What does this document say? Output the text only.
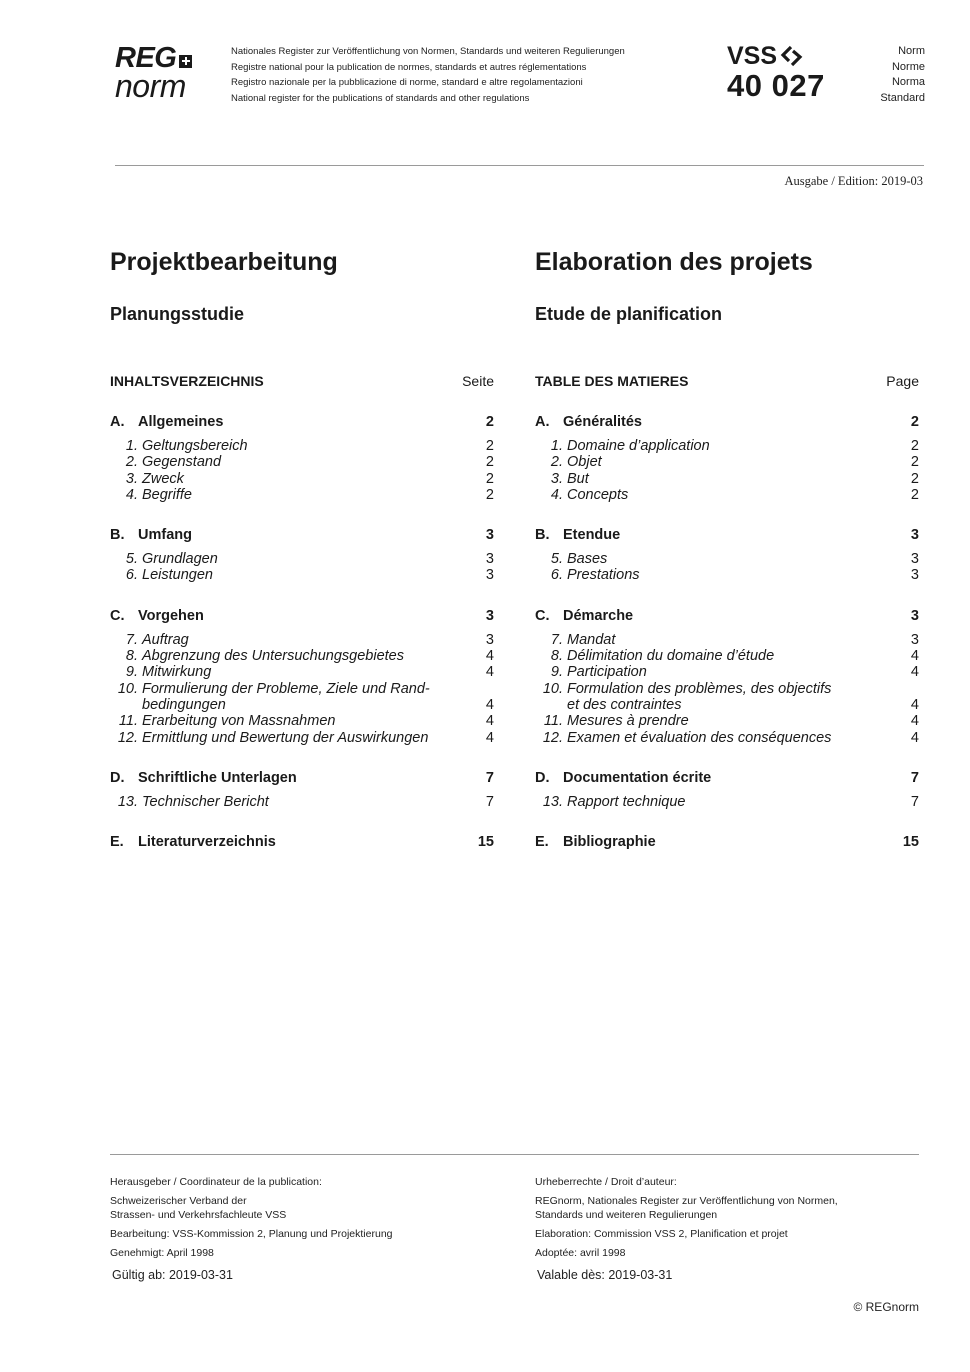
REG
norm
Nationales Register zur Veröffentlichung von Normen, Standards und weiteren Regulierungen
Registre national pour la publication de normes, standards et autres réglementations
Registro nazionale per la pubblicazione di norme, standard e altre regolamentazioni
National register for the publications of standards and other regulations
VSS
40 027
Norm
Norme
Norma
Standard
Ausgabe / Edition: 2019-03
Projektbearbeitung
Planungsstudie
INHALTSVERZEICHNIS	Seite
A. Allgemeines	2
1. Geltungsbereich	2
2. Gegenstand	2
3. Zweck	2
4. Begriffe	2
B. Umfang	3
5. Grundlagen	3
6. Leistungen	3
C. Vorgehen	3
7. Auftrag	3
8. Abgrenzung des Untersuchungsgebietes	4
9. Mitwirkung	4
10. Formulierung der Probleme, Ziele und Rand-
bedingungen	4
11. Erarbeitung von Massnahmen	4
12. Ermittlung und Bewertung der Auswirkungen	4
D. Schriftliche Unterlagen	7
13. Technischer Bericht	7
E. Literaturverzeichnis	15
Elaboration des projets
Etude de planification
TABLE DES MATIERES	Page
A. Généralités	2
1. Domaine d’application	2
2. Objet	2
3. But	2
4. Concepts	2
B. Etendue	3
5. Bases	3
6. Prestations	3
C. Démarche	3
7. Mandat	3
8. Délimitation du domaine d’étude	4
9. Participation	4
10. Formulation des problèmes, des objectifs
et des contraintes	4
11. Mesures à prendre	4
12. Examen et évaluation des conséquences	4
D. Documentation écrite	7
13. Rapport technique	7
E. Bibliographie	15

Herausgeber / Coordinateur de la publication:

Schweizerischer Verband der
Strassen- und Verkehrsfachleute VSS

Bearbeitung: VSS-Kommission 2, Planung und Projektierung

Genehmigt: April 1998

Gültig ab: 2019-03-31

Urheberrechte / Droit d’auteur:

REGnorm, Nationales Register zur Veröffentlichung von Normen,
Standards und weiteren Regulierungen

Elaboration: Commission VSS 2, Planification et projet

Adoptée: avril 1998

Valable dès: 2019-03-31

© REGnorm
